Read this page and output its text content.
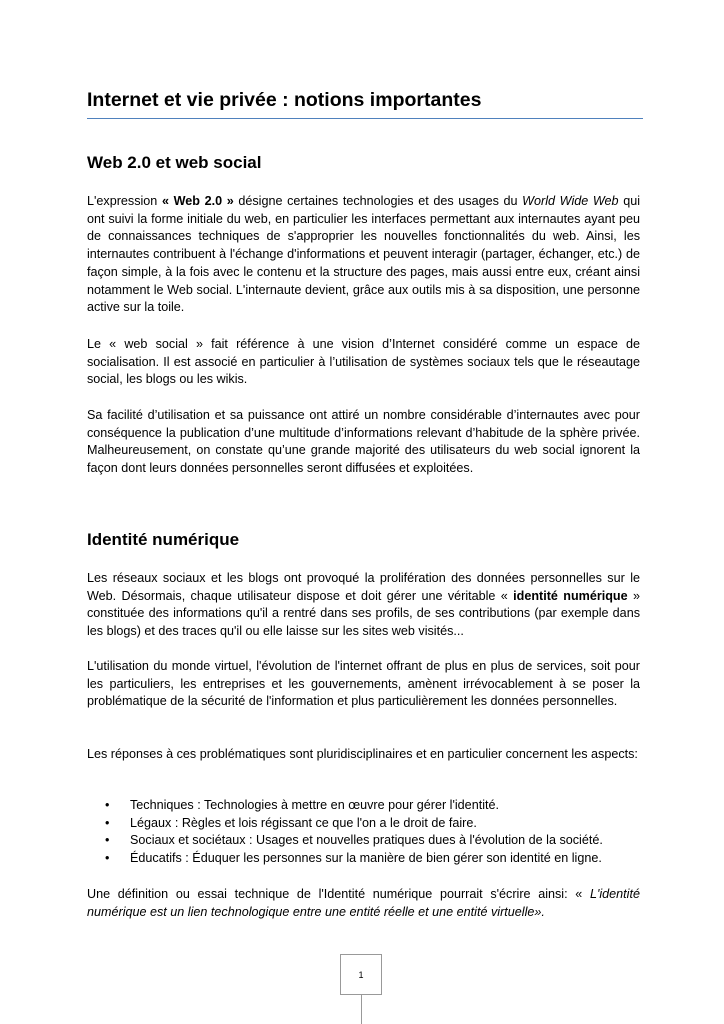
Internet et vie privée : notions importantes
Web 2.0 et web social

L'expression « Web 2.0 » désigne certaines technologies et des usages du World Wide Web qui ont suivi la forme initiale du web, en particulier les interfaces permettant aux internautes ayant peu de connaissances techniques de s'approprier les nouvelles fonctionnalités du web. Ainsi, les internautes contribuent à l'échange d'informations et peuvent interagir (partager, échanger, etc.) de façon simple, à la fois avec le contenu et la structure des pages, mais aussi entre eux, créant ainsi notamment le Web social. L'internaute devient, grâce aux outils mis à sa disposition, une personne active sur la toile.

Le « web social » fait référence à une vision d’Internet considéré comme un espace de socialisation. Il est associé en particulier à l’utilisation de systèmes sociaux tels que le réseautage social, les blogs ou les wikis.

Sa facilité d’utilisation et sa puissance ont attiré un nombre considérable d’internautes avec pour conséquence la publication d’une multitude d’informations relevant d’habitude de la sphère privée. Malheureusement, on constate qu’une grande majorité des utilisateurs du web social ignorent la façon dont leurs données personnelles seront diffusées et exploitées.

Identité numérique

Les réseaux sociaux et les blogs ont provoqué la prolifération des données personnelles sur le Web. Désormais, chaque utilisateur dispose et doit gérer une véritable « identité numérique » constituée des informations qu'il a rentré dans ses profils, de ses contributions (par exemple dans les blogs) et des traces qu'il ou elle laisse sur les sites web visités...

L'utilisation du monde virtuel, l'évolution de l'internet offrant de plus en plus de services, soit pour les particuliers, les entreprises et les gouvernements, amènent irrévocablement à se poser la problématique de la sécurité de l'information et plus particulièrement les données personnelles.

Les réponses à ces problématiques sont pluridisciplinaires et en particulier concernent les aspects:

• Techniques : Technologies à mettre en œuvre pour gérer l'identité.
• Légaux : Règles et lois régissant ce que l'on a le droit de faire.
• Sociaux et sociétaux : Usages et nouvelles pratiques dues à l'évolution de la société.
• Éducatifs : Éduquer les personnes sur la manière de bien gérer son identité en ligne.

Une définition ou essai technique de l'Identité numérique pourrait s'écrire ainsi: « L'identité numérique est un lien technologique entre une entité réelle et une entité virtuelle».

1
